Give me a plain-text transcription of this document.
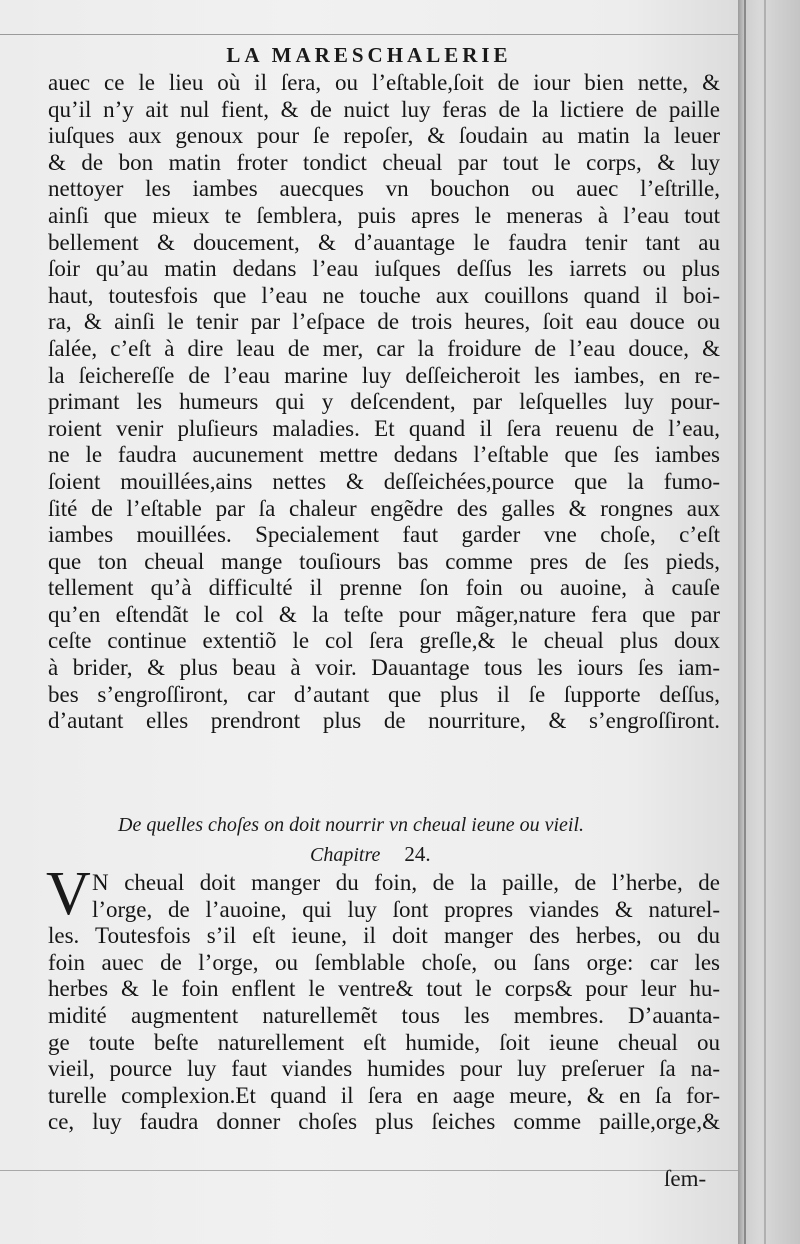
LA MARESCHALERIE
auec ce le lieu où il ſera, ou l’eſtable,ſoit de iour bien nette, &
qu’il n’y ait nul fient, & de nuict luy feras de la lictiere de paille
iuſques aux genoux pour ſe repoſer, & ſoudain au matin la leuer
& de bon matin froter tondict cheual par tout le corps, & luy
nettoyer les iambes auecques vn bouchon ou auec l’eſtrille,
ainſi que mieux te ſemblera, puis apres le meneras à l’eau tout
bellement & doucement, & d’auantage le faudra tenir tant au
ſoir qu’au matin dedans l’eau iuſques deſſus les iarrets ou plus
haut, toutesfois que l’eau ne touche aux couillons quand il boi-
ra, & ainſi le tenir par l’eſpace de trois heures, ſoit eau douce ou
ſalée, c’eſt à dire leau de mer, car la froidure de l’eau douce, &
la ſeichereſſe de l’eau marine luy deſſeicheroit les iambes, en re-
primant les humeurs qui y deſcendent, par leſquelles luy pour-
roient venir pluſieurs maladies. Et quand il ſera reuenu de l’eau,
ne le faudra aucunement mettre dedans l’eſtable que ſes iambes
ſoient mouillées,ains nettes & deſſeichées,pource que la fumo-
ſité de l’eſtable par ſa chaleur engẽdre des galles & rongnes aux
iambes mouillées. Specialement faut garder vne choſe, c’eſt
que ton cheual mange touſiours bas comme pres de ſes pieds,
tellement qu’à difficulté il prenne ſon foin ou auoine, à cauſe
qu’en eſtendãt le col & la teſte pour mãger,nature fera que par
ceſte continue extentiõ le col ſera greſle,& le cheual plus doux
à brider, & plus beau à voir. Dauantage tous les iours ſes iam-
bes s’engroſſiront, car d’autant que plus il ſe ſupporte deſſus,
d’autant elles prendront plus de nourriture, & s’engroſſiront.
De quelles choſes on doit nourrir vn cheual ieune ou vieil.
Chapitre 24.
V N cheual doit manger du foin, de la paille, de l’herbe, de
l’orge, de l’auoine, qui luy ſont propres viandes & naturel-
les. Toutesfois s’il eſt ieune, il doit manger des herbes, ou du
foin auec de l’orge, ou ſemblable choſe, ou ſans orge: car les
herbes & le foin enflent le ventre& tout le corps& pour leur hu-
midité augmentent naturellemẽt tous les membres. D’auanta-
ge toute beſte naturellement eſt humide, ſoit ieune cheual ou
vieil, pource luy faut viandes humides pour luy preſeruer ſa na-
turelle complexion.Et quand il ſera en aage meure, & en ſa for-
ce, luy faudra donner choſes plus ſeiches comme paille,orge,&
ſem-
